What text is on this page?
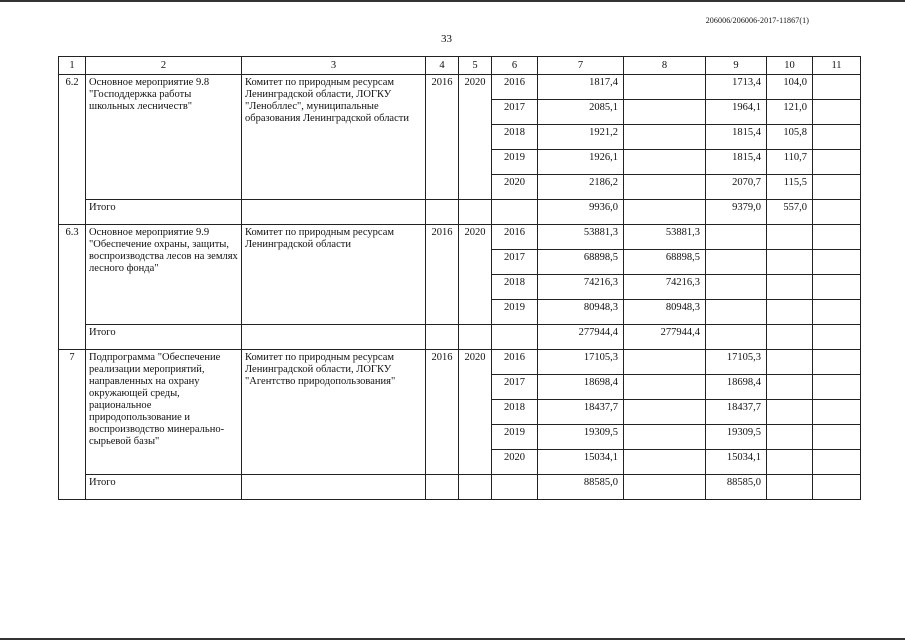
206006/206006-2017-11867(1)
33
1	2	3	4	5	6	7	8	9	10	11
6.2	Основное мероприятие 9.8 "Господдержка работы школьных лесничеств"	Комитет по природным ресурсам Ленинградской области, ЛОГКУ "Ленобллес", муниципальные образования Ленинградской области	2016	2020	2016	1817,4		1713,4	104,0	
					2017	2085,1		1964,1	121,0	
					2018	1921,2		1815,4	105,8	
					2019	1926,1		1815,4	110,7	
					2020	2186,2		2070,7	115,5	
	Итого					9936,0		9379,0	557,0	
6.3	Основное мероприятие 9.9 "Обеспечение охраны, защиты, воспроизводства лесов на землях лесного фонда"	Комитет по природным ресурсам Ленинградской области	2016	2020	2016	53881,3	53881,3			
					2017	68898,5	68898,5			
					2018	74216,3	74216,3			
					2019	80948,3	80948,3			
	Итого					277944,4	277944,4			
7	Подпрограмма "Обеспечение реализации мероприятий, направленных на охрану окружающей среды, рациональное природопользование и воспроизводство минерально-сырьевой базы"	Комитет по природным ресурсам Ленинградской области, ЛОГКУ "Агентство природопользования"	2016	2020	2016	17105,3		17105,3		
					2017	18698,4		18698,4		
					2018	18437,7		18437,7		
					2019	19309,5		19309,5		
					2020	15034,1		15034,1		
	Итого					88585,0		88585,0		
